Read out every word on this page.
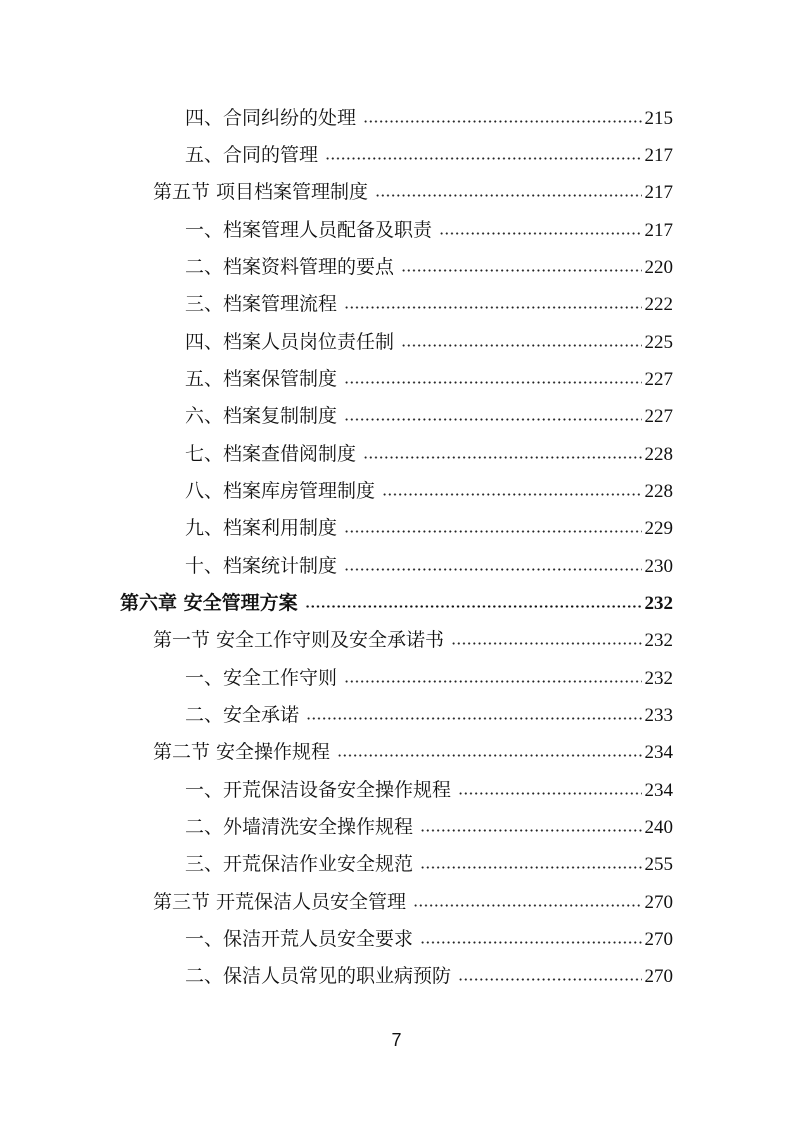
四、合同纠纷的处理	215
五、合同的管理	217
第五节 项目档案管理制度	217
一、档案管理人员配备及职责	217
二、档案资料管理的要点	220
三、档案管理流程	222
四、档案人员岗位责任制	225
五、档案保管制度	227
六、档案复制制度	227
七、档案查借阅制度	228
八、档案库房管理制度	228
九、档案利用制度	229
十、档案统计制度	230
第六章 安全管理方案	232
第一节 安全工作守则及安全承诺书	232
一、安全工作守则	232
二、安全承诺	233
第二节 安全操作规程	234
一、开荒保洁设备安全操作规程	234
二、外墙清洗安全操作规程	240
三、开荒保洁作业安全规范	255
第三节 开荒保洁人员安全管理	270
一、保洁开荒人员安全要求	270
二、保洁人员常见的职业病预防	270
7
